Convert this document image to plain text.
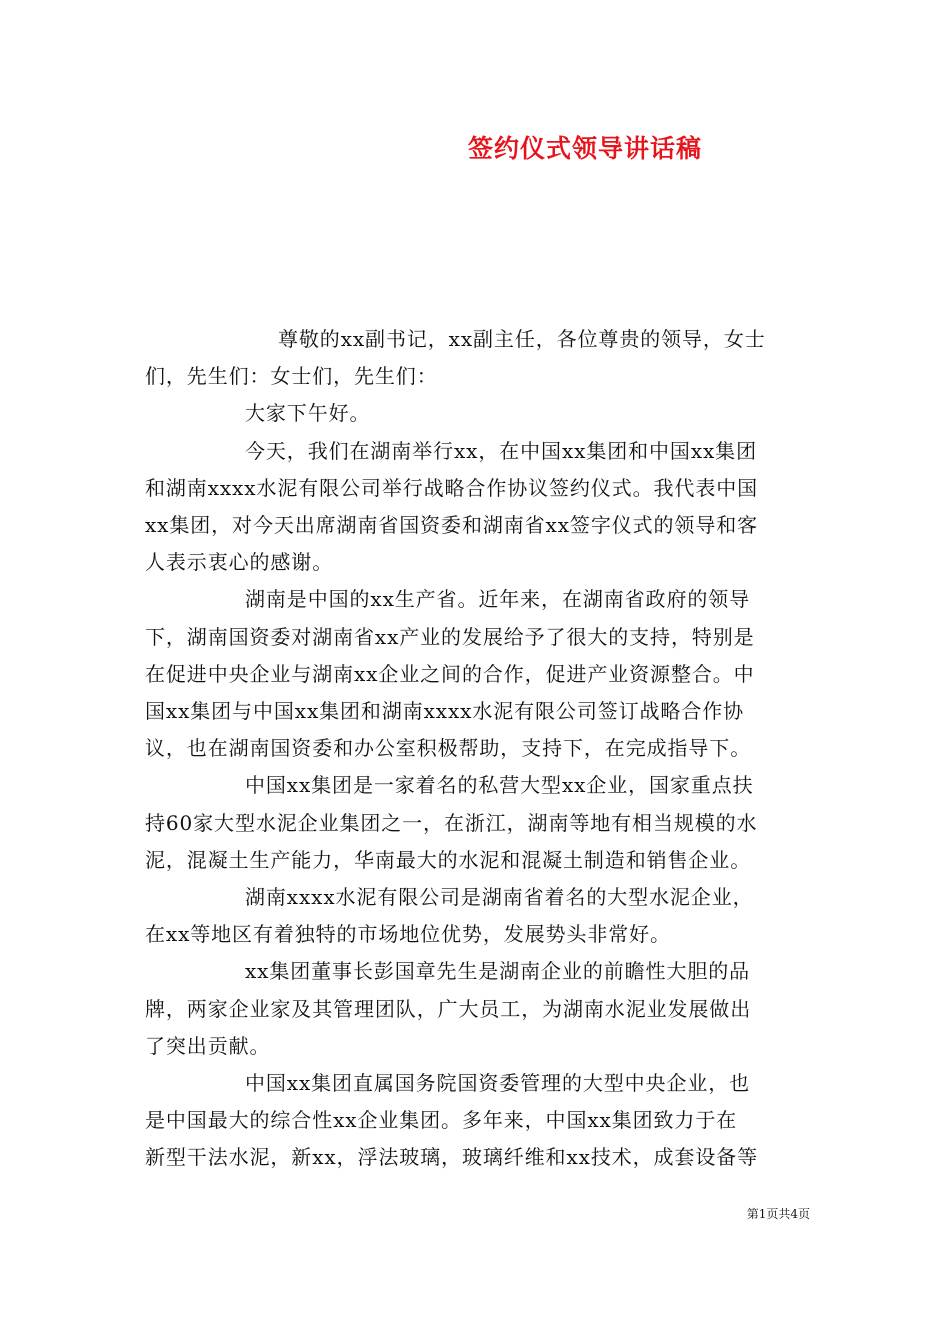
签约仪式领导讲话稿

尊敬的xx副书记，xx副主任，各位尊贵的领导，女士
们，先生们：女士们，先生们：

大家下午好。

今天，我们在湖南举行xx，在中国xx集团和中国xx集团
和湖南xxxx水泥有限公司举行战略合作协议签约仪式。我代表中国
xx集团，对今天出席湖南省国资委和湖南省xx签字仪式的领导和客
人表示衷心的感谢。

湖南是中国的xx生产省。近年来，在湖南省政府的领导
下，湖南国资委对湖南省xx产业的发展给予了很大的支持，特别是
在促进中央企业与湖南xx企业之间的合作，促进产业资源整合。中
国xx集团与中国xx集团和湖南xxxx水泥有限公司签订战略合作协
议，也在湖南国资委和办公室积极帮助，支持下，在完成指导下。

中国xx集团是一家着名的私营大型xx企业，国家重点扶
持60家大型水泥企业集团之一，在浙江，湖南等地有相当规模的水
泥，混凝土生产能力，华南最大的水泥和混凝土制造和销售企业。

湖南xxxx水泥有限公司是湖南省着名的大型水泥企业，
在xx等地区有着独特的市场地位优势，发展势头非常好。

xx集团董事长彭国章先生是湖南企业的前瞻性大胆的品
牌，两家企业家及其管理团队，广大员工，为湖南水泥业发展做出
了突出贡献。

中国xx集团直属国务院国资委管理的大型中央企业，也
是中国最大的综合性xx企业集团。多年来，中国xx集团致力于在
新型干法水泥，新xx，浮法玻璃，玻璃纤维和xx技术，成套设备等

第1页共4页
